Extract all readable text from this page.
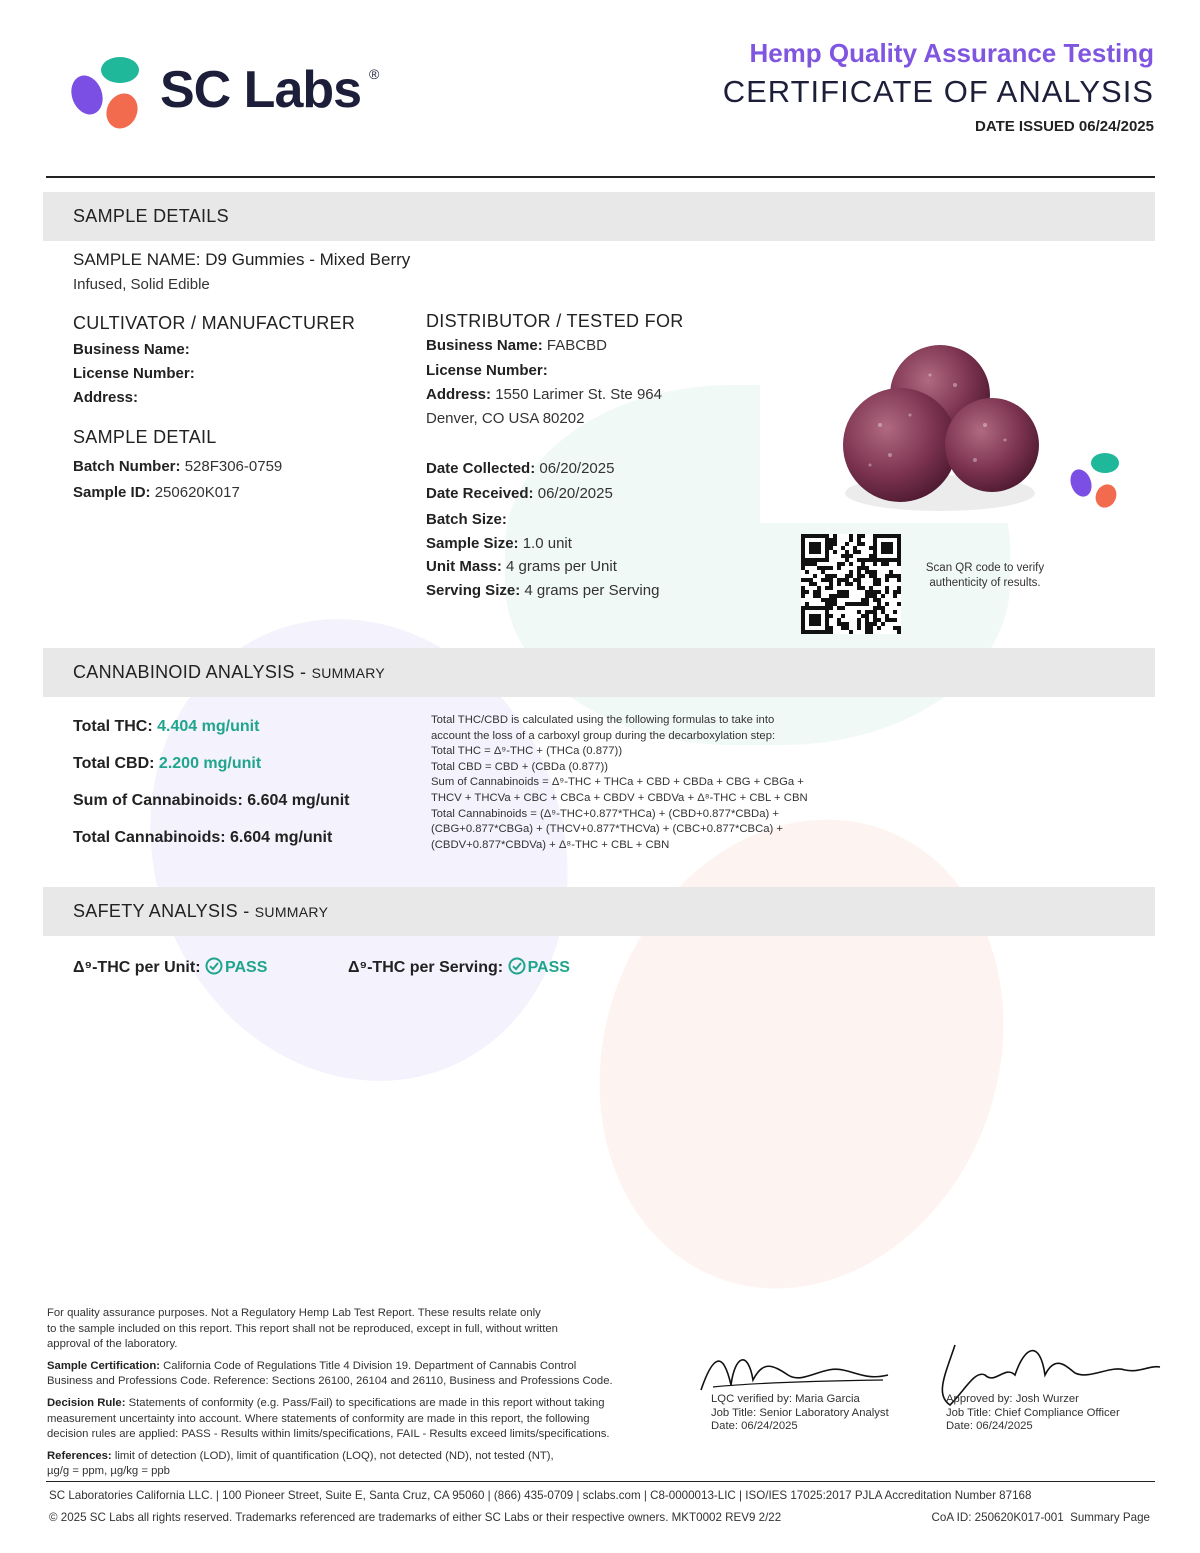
SC Labs ®
Hemp Quality Assurance Testing
CERTIFICATE OF ANALYSIS
DATE ISSUED 06/24/2025
SAMPLE DETAILS
SAMPLE NAME: D9 Gummies - Mixed Berry
Infused, Solid Edible
CULTIVATOR / MANUFACTURER
Business Name:
License Number:
Address:
SAMPLE DETAIL
Batch Number: 528F306-0759
Sample ID: 250620K017
DISTRIBUTOR / TESTED FOR
Business Name: FABCBD
License Number:
Address: 1550 Larimer St. Ste 964
Denver, CO USA 80202
Date Collected: 06/20/2025
Date Received: 06/20/2025
Batch Size:
Sample Size: 1.0 unit
Unit Mass: 4 grams per Unit
Serving Size: 4 grams per Serving
Scan QR code to verify
authenticity of results.
CANNABINOID ANALYSIS - SUMMARY
Total THC: 4.404 mg/unit
Total CBD: 2.200 mg/unit
Sum of Cannabinoids: 6.604 mg/unit
Total Cannabinoids: 6.604 mg/unit
Total THC/CBD is calculated using the following formulas to take into
account the loss of a carboxyl group during the decarboxylation step:
Total THC = Δ⁹-THC + (THCa (0.877))
Total CBD = CBD + (CBDa (0.877))
Sum of Cannabinoids = Δ⁹-THC + THCa + CBD + CBDa + CBG + CBGa +
THCV + THCVa + CBC + CBCa + CBDV + CBDVa + Δ⁸-THC + CBL + CBN
Total Cannabinoids = (Δ⁹-THC+0.877*THCa) + (CBD+0.877*CBDa) +
(CBG+0.877*CBGa) + (THCV+0.877*THCVa) + (CBC+0.877*CBCa) +
(CBDV+0.877*CBDVa) + Δ⁸-THC + CBL + CBN
SAFETY ANALYSIS - SUMMARY
Δ⁹-THC per Unit: PASS	Δ⁹-THC per Serving: PASS
For quality assurance purposes. Not a Regulatory Hemp Lab Test Report. These results relate only
to the sample included on this report. This report shall not be reproduced, except in full, without written
approval of the laboratory.
Sample Certification: California Code of Regulations Title 4 Division 19. Department of Cannabis Control
Business and Professions Code. Reference: Sections 26100, 26104 and 26110, Business and Professions Code.
Decision Rule: Statements of conformity (e.g. Pass/Fail) to specifications are made in this report without taking
measurement uncertainty into account. Where statements of conformity are made in this report, the following
decision rules are applied: PASS - Results within limits/specifications, FAIL - Results exceed limits/specifications.
References: limit of detection (LOD), limit of quantification (LOQ), not detected (ND), not tested (NT),
µg/g = ppm, µg/kg = ppb
LQC verified by: Maria Garcia
Job Title: Senior Laboratory Analyst
Date: 06/24/2025
Approved by: Josh Wurzer
Job Title: Chief Compliance Officer
Date: 06/24/2025
SC Laboratories California LLC. | 100 Pioneer Street, Suite E, Santa Cruz, CA 95060 | (866) 435-0709 | sclabs.com | C8-0000013-LIC | ISO/IES 17025:2017 PJLA Accreditation Number 87168
© 2025 SC Labs all rights reserved. Trademarks referenced are trademarks of either SC Labs or their respective owners. MKT0002 REV9 2/22	CoA ID: 250620K017-001  Summary Page
